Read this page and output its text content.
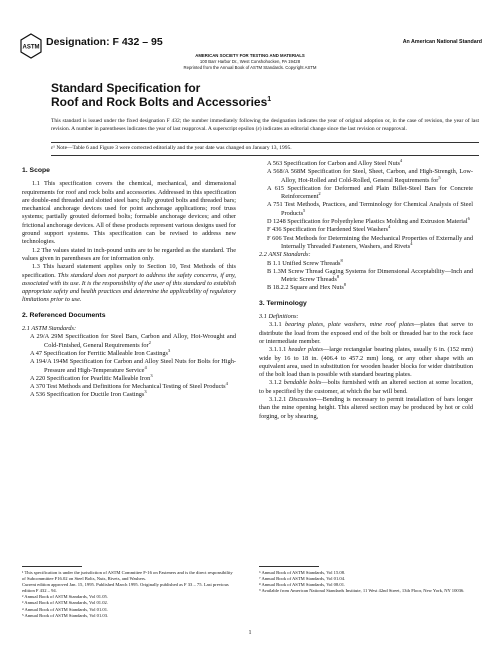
ASTM Designation: F 432 – 95	An American National Standard
AMERICAN SOCIETY FOR TESTING AND MATERIALS
100 Barr Harbor Dr., West Conshohocken, PA 19428
Reprinted from the Annual Book of ASTM Standards. Copyright ASTM
Standard Specification for
Roof and Rock Bolts and Accessories$^1$
This standard is issued under the fixed designation F 432; the number immediately following the designation indicates the year of original adoption or, in the case of revision, the year of last revision. A number in parentheses indicates the year of last reapproval. A superscript epsilon (ε) indicates an editorial change since the last revision or reapproval.
ε¹ Note—Table 6 and Figure 3 were corrected editorially and the year date was changed on January 13, 1995.
1. Scope

1.1 This specification covers the chemical, mechanical, and dimensional requirements for roof and rock bolts and accessories. Addressed in this specification are double-end threaded and slotted steel bars; fully grouted bolts and threaded bars; mechanical anchorage devices used for point anchorage applications; roof truss systems; partially grouted deformed bolts; formable anchorage devices; and other frictional anchorage devices. All of these products represent various designs used for ground support systems. This specification can be revised to address new technologies.

1.2 The values stated in inch-pound units are to be regarded as the standard. The values given in parentheses are for information only.

1.3 This hazard statement applies only to Section 10, Test Methods of this specification. This standard does not purport to address the safety concerns, if any, associated with its use. It is the responsibility of the user of this standard to establish appropriate safety and health practices and determine the applicability of regulatory limitations prior to use.

2. Referenced Documents

2.1 ASTM Standards:

A 29/A 29M Specification for Steel Bars, Carbon and Alloy, Hot-Wrought and Cold-Finished, General Requirements for$^2$

A 47 Specification for Ferritic Malleable Iron Castings$^3$

A 194/A 194M Specification for Carbon and Alloy Steel Nuts for Bolts for High-Pressure and High-Temperature Service$^4$

A 220 Specification for Pearlitic Malleable Iron$^3$

A 370 Test Methods and Definitions for Mechanical Testing of Steel Products$^4$

A 536 Specification for Ductile Iron Castings$^3$

A 563 Specification for Carbon and Alloy Steel Nuts$^4$

A 568/A 568M Specification for Steel, Sheet, Carbon, and High-Strength, Low-Alloy, Hot-Rolled and Cold-Rolled, General Requirements for$^5$

A 615 Specification for Deformed and Plain Billet-Steel Bars for Concrete Reinforcement$^2$

A 751 Test Methods, Practices, and Terminology for Chemical Analysis of Steel Products$^5$

D 1248 Specification for Polyethylene Plastics Molding and Extrusion Material$^6$

F 436 Specification for Hardened Steel Washers$^4$

F 606 Test Methods for Determining the Mechanical Properties of Externally and Internally Threaded Fasteners, Washers, and Rivets$^4$

2.2 ANSI Standards:

B 1.1 Unified Screw Threads$^8$

B 1.3M Screw Thread Gaging Systems for Dimensional Acceptability—Inch and Metric Screw Threads$^8$

B 18.2.2 Square and Hex Nuts$^8$

3. Terminology

3.1 Definitions:

3.1.1 bearing plates, plate washers, mine roof plates—plates that serve to distribute the load from the exposed end of the bolt or threaded bar to the rock face or intermediate member.

3.1.1.1 header plates—large rectangular bearing plates, usually 6 in. (152 mm) wide by 16 to 18 in. (406.4 to 457.2 mm) long, or any other shape with an equivalent area, used in substitution for wooden header blocks for wider distribution of the bolt load than is possible with standard bearing plates.

3.1.2 bendable bolts—bolts furnished with an altered section at some location, to be specified by the customer, at which the bar will bend.

3.1.2.1 Discussion—Bending is necessary to permit installation of bars longer than the mine opening height. This altered section may be produced by hot or cold forging, or by shearing,

¹ This specification is under the jurisdiction of ASTM Committee F-16 on Fasteners and is the direct responsibility of Subcommittee F16.02 on Steel Bolts, Nuts, Rivets, and Washers.

Current edition approved Jan. 15, 1995. Published March 1995. Originally published as F 33 – 75. Last previous edition F 432 – 94.

² Annual Book of ASTM Standards, Vol 01.05.

³ Annual Book of ASTM Standards, Vol 01.02.

⁴ Annual Book of ASTM Standards, Vol 01.01.

⁵ Annual Book of ASTM Standards, Vol 01.03.

⁶ Annual Book of ASTM Standards, Vol 15.08.

⁷ Annual Book of ASTM Standards, Vol 01.04.

⁸ Annual Book of ASTM Standards, Vol 08.01.

⁹ Available from American National Standards Institute, 11 West 42nd Street, 13th Floor, New York, NY 10036.

1
